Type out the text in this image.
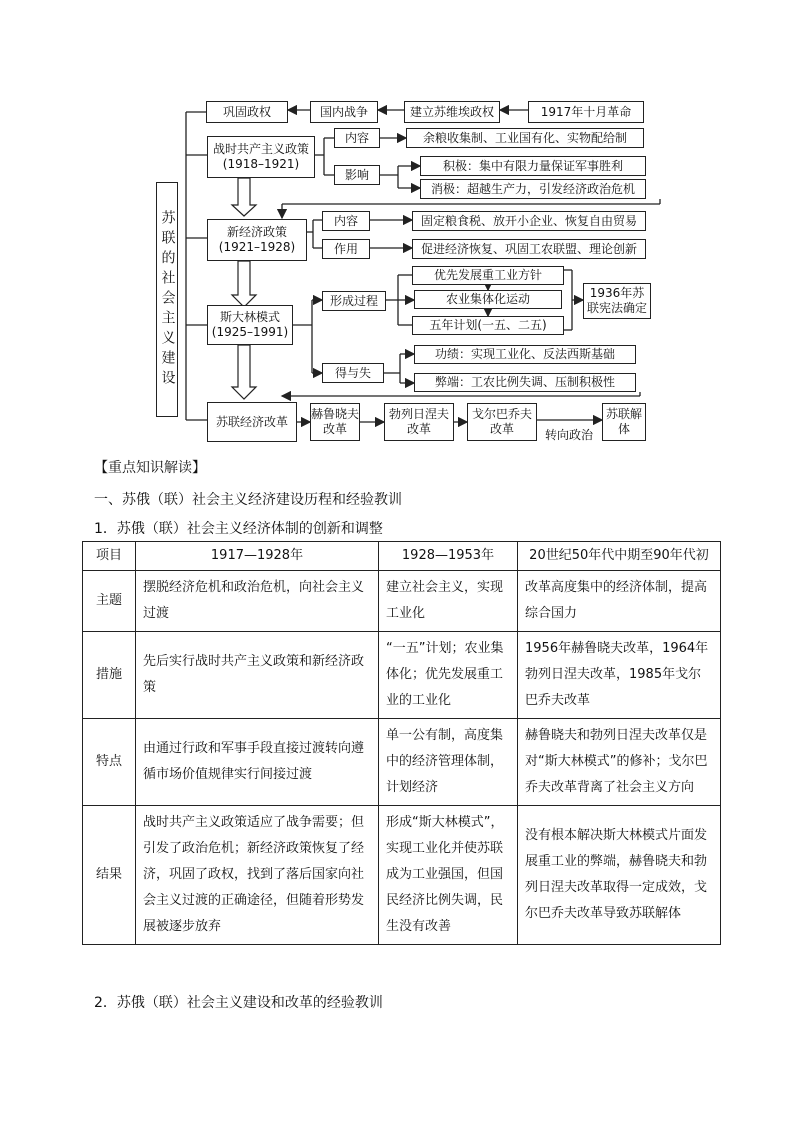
苏联的社会主义建设
巩固政权	国内战争	建立苏维埃政权	1917年十月革命
战时共产主义政策
(1918–1921)
内容	余粮收集制、工业国有化、实物配给制
影响
积极：集中有限力量保证军事胜利
消极：超越生产力，引发经济政治危机
新经济政策
(1921–1928)
内容	固定粮食税、放开小企业、恢复自由贸易
作用	促进经济恢复、巩固工农联盟、理论创新
斯大林模式
(1925–1991)
形成过程
优先发展重工业方针
农业集体化运动
五年计划(一五、二五)
1936年苏联宪法确定
得与失
功绩：实现工业化、反法西斯基础
弊端：工农比例失调、压制积极性
苏联经济改革
赫鲁晓夫改革
勃列日涅夫改革
戈尔巴乔夫改革	转向政治
苏联解体
【重点知识解读】
一、苏俄（联）社会主义经济建设历程和经验教训
1．苏俄（联）社会主义经济体制的创新和调整
项目	1917—1928年	1928—1953年	20世纪50年代中期至90年代初
主题	摆脱经济危机和政治危机，向社会主义过渡	建立社会主义，实现工业化	改革高度集中的经济体制，提高综合国力
措施	先后实行战时共产主义政策和新经济政策	“一五”计划；农业集体化；优先发展重工业的工业化	1956年赫鲁晓夫改革，1964年勃列日涅夫改革，1985年戈尔巴乔夫改革
特点	由通过行政和军事手段直接过渡转向遵循市场价值规律实行间接过渡	单一公有制，高度集中的经济管理体制，计划经济	赫鲁晓夫和勃列日涅夫改革仅是对“斯大林模式”的修补；戈尔巴乔夫改革背离了社会主义方向
结果	战时共产主义政策适应了战争需要；但引发了政治危机；新经济政策恢复了经济，巩固了政权，找到了落后国家向社会主义过渡的正确途径，但随着形势发展被逐步放弃	形成“斯大林模式”，实现工业化并使苏联成为工业强国，但国民经济比例失调，民生没有改善	没有根本解决斯大林模式片面发展重工业的弊端，赫鲁晓夫和勃列日涅夫改革取得一定成效，戈尔巴乔夫改革导致苏联解体
2．苏俄（联）社会主义建设和改革的经验教训
